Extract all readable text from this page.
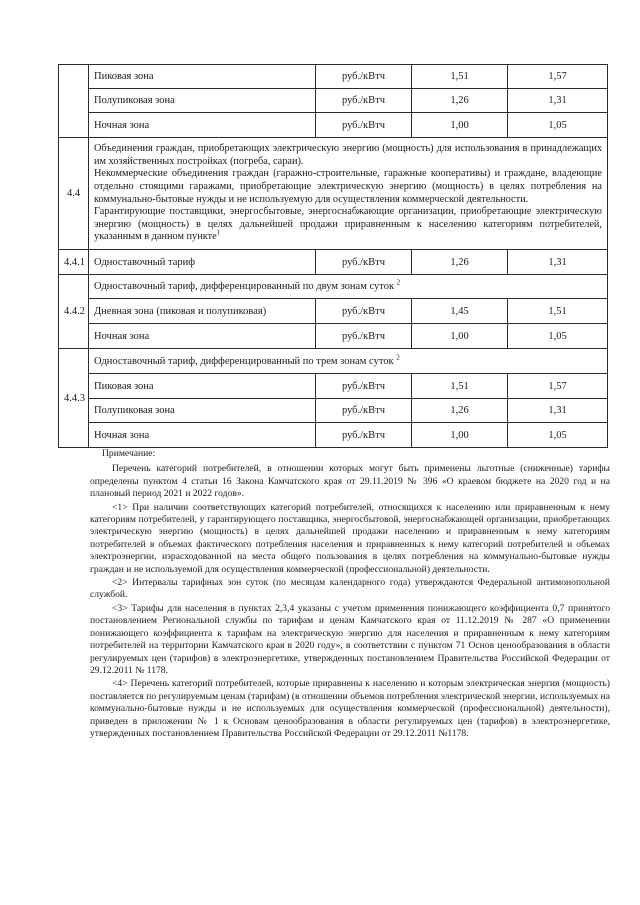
	Пиковая зона	руб./кВтч	1,51	1,57
	Полупиковая зона	руб./кВтч	1,26	1,31
	Ночная зона	руб./кВтч	1,00	1,05
4.4	Объединения граждан, приобретающих электрическую энергию (мощность) для использования в принадлежащих им хозяйственных постройках (погреба, сараи).

Некоммерческие объединения граждан (гаражно-строительные, гаражные кооперативы) и граждане, владеющие отдельно стоящими гаражами, приобретающие электрическую энергию (мощность) в целях потребления на коммунально-бытовые нужды и не используемую для осуществления коммерческой деятельности.

Гарантирующие поставщики, энергосбытовые, энергоснабжающие организации, приобретающие электрическую энергию (мощность) в целях дальнейшей продажи приравненным к населению категориям потребителей, указанным в данном пункте$^1$

4.4.1	Одноставочный тариф	руб./кВтч	1,26	1,31
4.4.2	Одноставочный тариф, дифференцированный по двум зонам суток $^2$
	Дневная зона (пиковая и полупиковая)	руб./кВтч	1,45	1,51
	Ночная зона	руб./кВтч	1,00	1,05
4.4.3	Одноставочный тариф, дифференцированный по трем зонам суток $^2$
	Пиковая зона	руб./кВтч	1,51	1,57
	Полупиковая зона	руб./кВтч	1,26	1,31
	Ночная зона	руб./кВтч	1,00	1,05

Примечание:

Перечень категорий потребителей, в отношении которых могут быть применены льготные (сниженные) тарифы определены пунктом 4 статьи 16 Закона Камчатского края от 29.11.2019 № 396 «О краевом бюджете на 2020 год и на плановый период 2021 и 2022 годов».

<1> При наличии соответствующих категорий потребителей, относящихся к населению или приравненным к нему категориям потребителей, у гарантирующего поставщика, энергосбытовой, энергоснабжающей организации, приобретающих электрическую энергию (мощность) в целях дальнейшей продажи населению и приравненным к нему категориям потребителей в объемах фактического потребления населения и приравненных к нему категорий потребителей и объемах электроэнергии, израсходованной на места общего пользования в целях потребления на коммунально-бытовые нужды граждан и не используемой для осуществления коммерческой (профессиональной) деятельности.

<2> Интервалы тарифных зон суток (по месяцам календарного года) утверждаются Федеральной антимонопольной службой.

<3> Тарифы для населения в пунктах 2,3,4 указаны с учетом применения понижающего коэффициента 0,7 принятого постановлением Региональной службы по тарифам и ценам Камчатского края от 11.12.2019 № 287 «О применении понижающего коэффициента к тарифам на электрическую энергию для населения и приравненным к нему категориям потребителей на территории Камчатского края в 2020 году», в соответствии с пунктом 71 Основ ценообразования в области регулируемых цен (тарифов) в электроэнергетике, утвержденных постановлением Правительства Российской Федерации от 29.12.2011 № 1178.

<4> Перечень категорий потребителей, которые приравнены к населению и которым электрическая энергия (мощность) поставляется по регулируемым ценам (тарифам) (в отношении объемов потребления электрической энергии, используемых на коммунально-бытовые нужды и не используемых для осуществления коммерческой (профессиональной) деятельности), приведен в приложении № 1 к Основам ценообразования в области регулируемых цен (тарифов) в электроэнергетике, утвержденных постановлением Правительства Российской Федерации от 29.12.2011 №1178.
